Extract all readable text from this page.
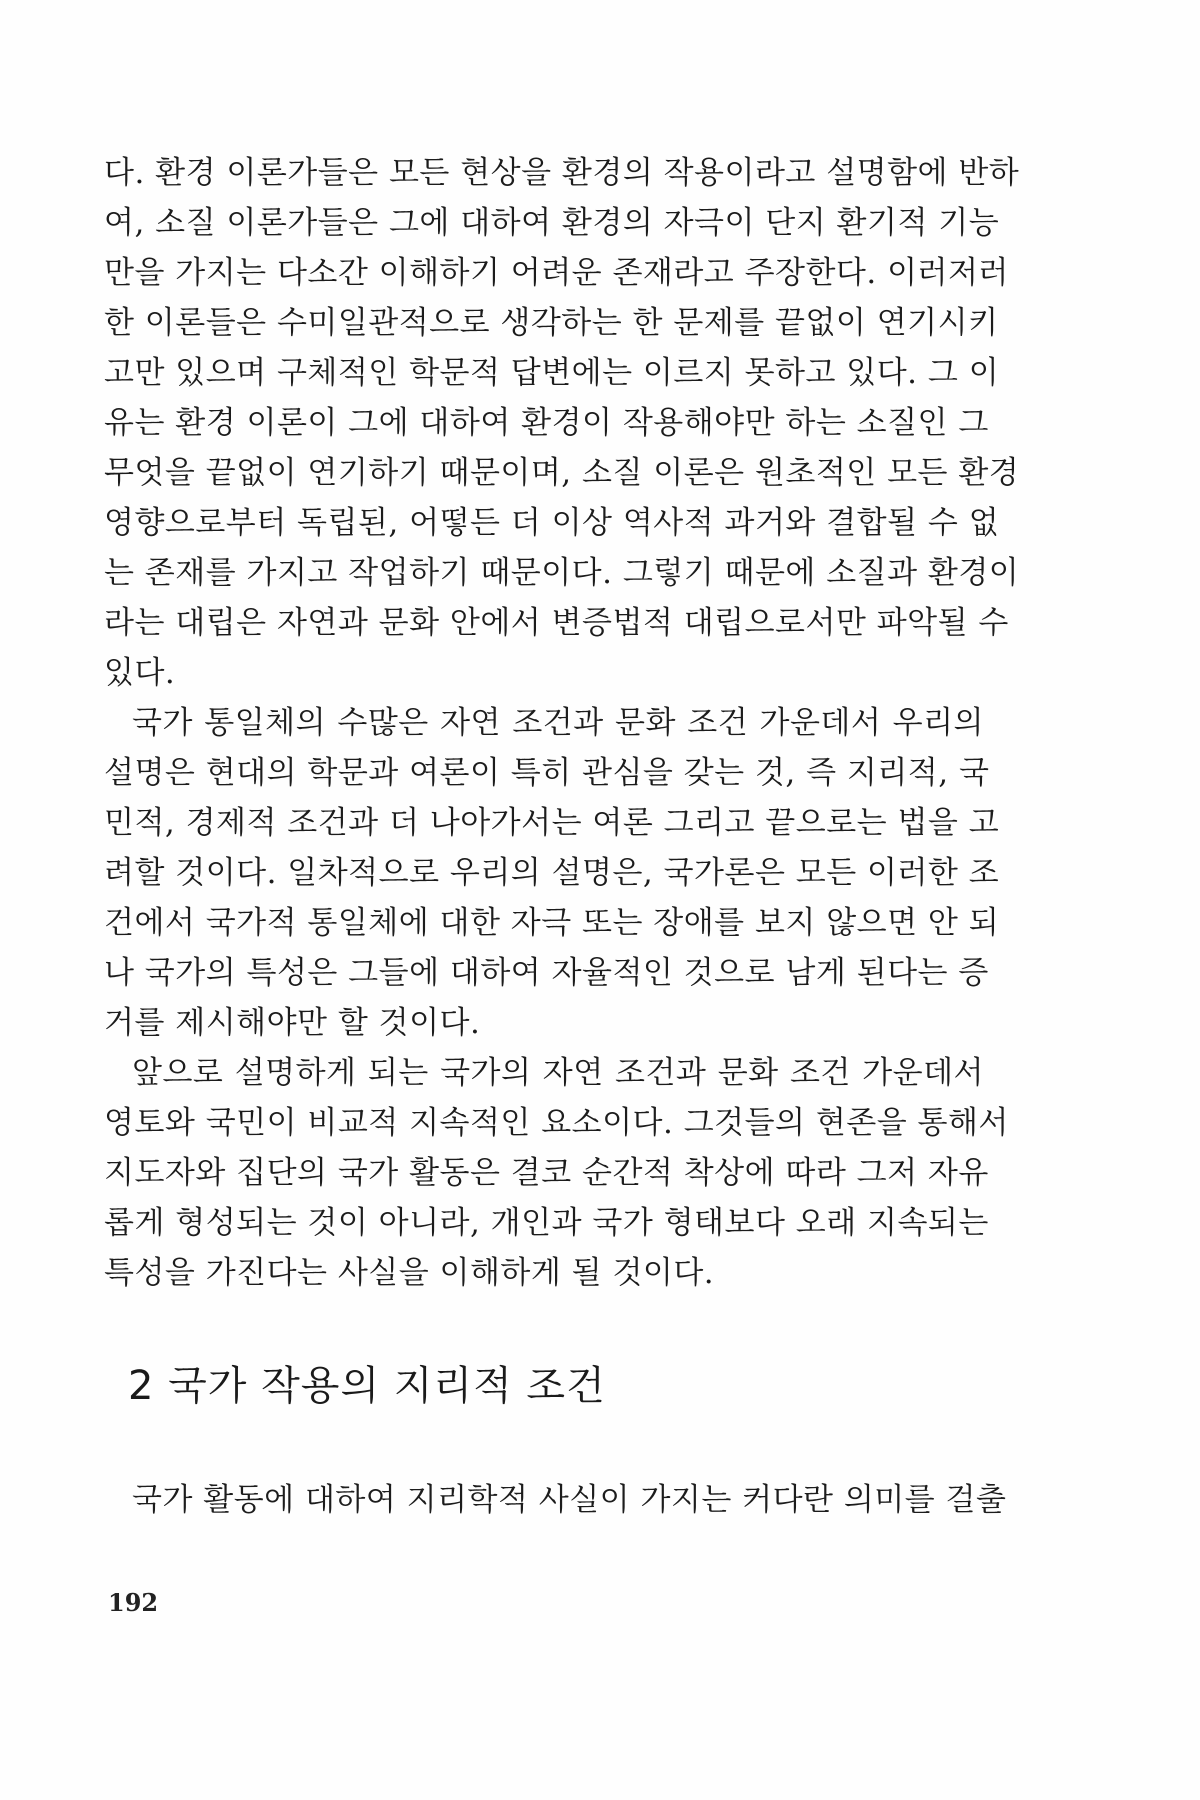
다. 환경 이론가들은 모든 현상을 환경의 작용이라고 설명함에 반하
여, 소질 이론가들은 그에 대하여 환경의 자극이 단지 환기적 기능
만을 가지는 다소간 이해하기 어려운 존재라고 주장한다. 이러저러
한 이론들은 수미일관적으로 생각하는 한 문제를 끝없이 연기시키
고만 있으며 구체적인 학문적 답변에는 이르지 못하고 있다. 그 이
유는 환경 이론이 그에 대하여 환경이 작용해야만 하는 소질인 그
무엇을 끝없이 연기하기 때문이며, 소질 이론은 원초적인 모든 환경
영향으로부터 독립된, 어떻든 더 이상 역사적 과거와 결합될 수 없
는 존재를 가지고 작업하기 때문이다. 그렇기 때문에 소질과 환경이
라는 대립은 자연과 문화 안에서 변증법적 대립으로서만 파악될 수
있다.
국가 통일체의 수많은 자연 조건과 문화 조건 가운데서 우리의
설명은 현대의 학문과 여론이 특히 관심을 갖는 것, 즉 지리적, 국
민적, 경제적 조건과 더 나아가서는 여론 그리고 끝으로는 법을 고
려할 것이다. 일차적으로 우리의 설명은, 국가론은 모든 이러한 조
건에서 국가적 통일체에 대한 자극 또는 장애를 보지 않으면 안 되
나 국가의 특성은 그들에 대하여 자율적인 것으로 남게 된다는 증
거를 제시해야만 할 것이다.
앞으로 설명하게 되는 국가의 자연 조건과 문화 조건 가운데서
영토와 국민이 비교적 지속적인 요소이다. 그것들의 현존을 통해서
지도자와 집단의 국가 활동은 결코 순간적 착상에 따라 그저 자유
롭게 형성되는 것이 아니라, 개인과 국가 형태보다 오래 지속되는
특성을 가진다는 사실을 이해하게 될 것이다.
2 국가 작용의 지리적 조건
국가 활동에 대하여 지리학적 사실이 가지는 커다란 의미를 걸출
192
